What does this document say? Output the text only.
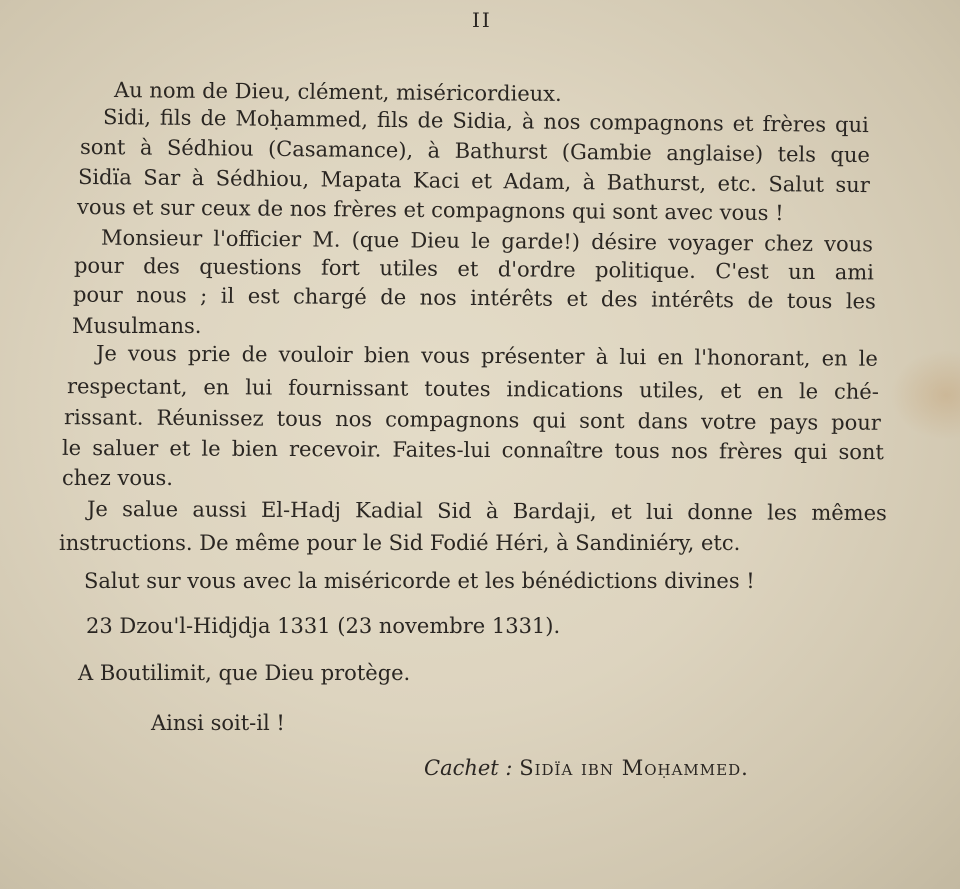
II
Au nom de Dieu, clément, miséricordieux.
Sidi, fils de Moḥammed, fils de Sidia, à nos compagnons et frères qui
sont à Sédhiou (Casamance), à Bathurst (Gambie anglaise) tels que
Sidïa Sar à Sédhiou, Mapata Kaci et Adam, à Bathurst, etc. Salut sur
vous et sur ceux de nos frères et compagnons qui sont avec vous !
Monsieur l'officier M. (que Dieu le garde!) désire voyager chez vous
pour des questions fort utiles et d'ordre politique. C'est un ami
pour nous ; il est chargé de nos intérêts et des intérêts de tous les
Musulmans.
Je vous prie de vouloir bien vous présenter à lui en l'honorant, en le
respectant, en lui fournissant toutes indications utiles, et en le ché-
rissant. Réunissez tous nos compagnons qui sont dans votre pays pour
le saluer et le bien recevoir. Faites-lui connaître tous nos frères qui sont
chez vous.
Je salue aussi El-Hadj Kadial Sid à Bardaji, et lui donne les mêmes
instructions. De même pour le Sid Fodié Héri, à Sandiniéry, etc.
Salut sur vous avec la miséricorde et les bénédictions divines !
23 Dzou'l-Hidjdja 1331 (23 novembre 1331).
A Boutilimit, que Dieu protège.
Ainsi soit-il !
Cachet : Sidïa ibn Moḥammed.
